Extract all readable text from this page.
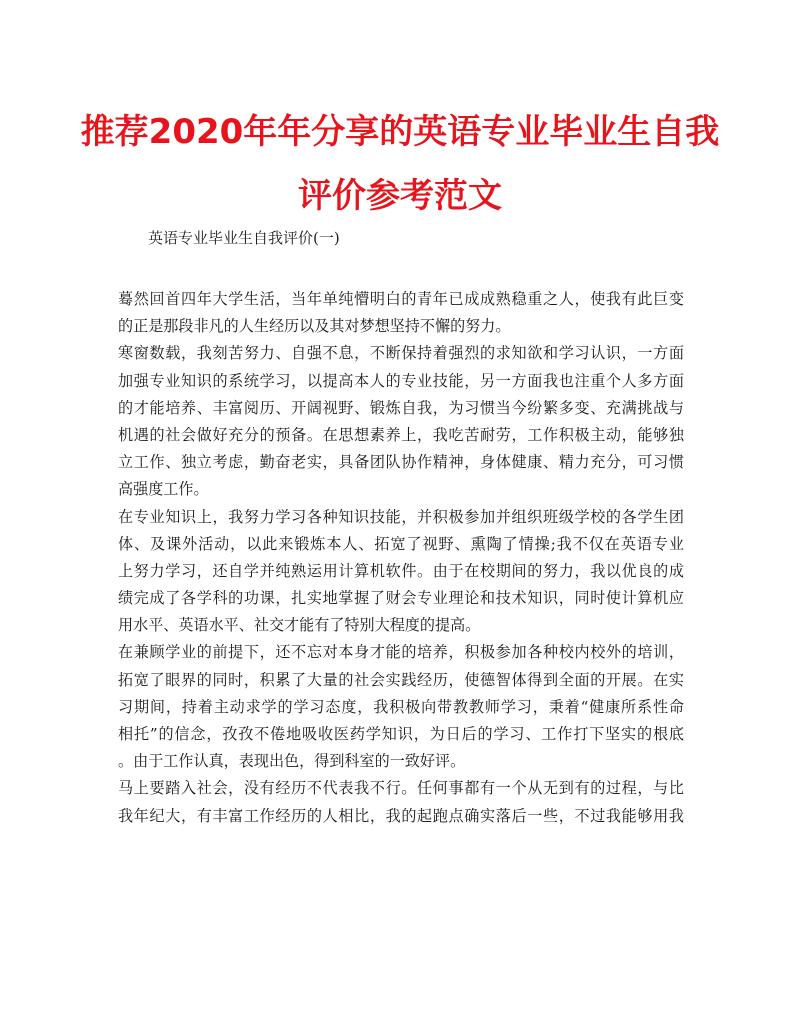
推荐2020年年分享的英语专业毕业生自我
评价参考范文
英语专业毕业生自我评价(一)
蓦然回首四年大学生活，当年单纯懵明白的青年已成成熟稳重之人，使我有此巨变
的正是那段非凡的人生经历以及其对梦想坚持不懈的努力。
寒窗数载，我刻苦努力、自强不息，不断保持着强烈的求知欲和学习认识，一方面
加强专业知识的系统学习，以提高本人的专业技能，另一方面我也注重个人多方面
的才能培养、丰富阅历、开阔视野、锻炼自我，为习惯当今纷繁多变、充满挑战与
机遇的社会做好充分的预备。在思想素养上，我吃苦耐劳，工作积极主动，能够独
立工作、独立考虑，勤奋老实，具备团队协作精神，身体健康、精力充分，可习惯
高强度工作。
在专业知识上，我努力学习各种知识技能，并积极参加并组织班级学校的各学生团
体、及课外活动，以此来锻炼本人、拓宽了视野、熏陶了情操;我不仅在英语专业
上努力学习，还自学并纯熟运用计算机软件。由于在校期间的努力，我以优良的成
绩完成了各学科的功课，扎实地掌握了财会专业理论和技术知识，同时使计算机应
用水平、英语水平、社交才能有了特别大程度的提高。
在兼顾学业的前提下，还不忘对本身才能的培养，积极参加各种校内校外的培训，
拓宽了眼界的同时，积累了大量的社会实践经历，使德智体得到全面的开展。在实
习期间，持着主动求学的学习态度，我积极向带教教师学习，秉着“健康所系性命
相托”的信念，孜孜不倦地吸收医药学知识，为日后的学习、工作打下坚实的根底
。由于工作认真，表现出色，得到科室的一致好评。
马上要踏入社会，没有经历不代表我不行。任何事都有一个从无到有的过程，与比
我年纪大，有丰富工作经历的人相比，我的起跑点确实落后一些，不过我能够用我
